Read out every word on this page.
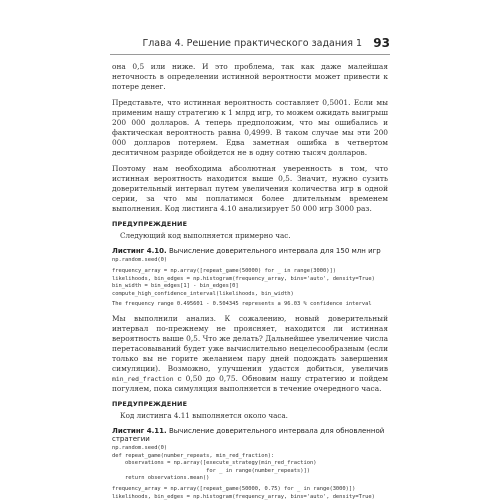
Глава 4. Решение практического задания 1 93

она 0,5 или ниже. И это проблема, так как даже малейшая неточность в определении истинной вероятности может привести к потере денег.

Представьте, что истинная вероятность составляет 0,5001. Если мы применим нашу стратегию к 1 млрд игр, то можем ожидать выигрыш 200 000 долларов. А теперь предположим, что мы ошибались и фактическая вероятность равна 0,4999. В таком случае мы эти 200 000 долларов потеряем. Едва заметная ошибка в четвертом десятичном разряде обойдется не в одну сотню тысяч долларов.

Поэтому нам необходима абсолютная уверенность в том, что истинная вероятность находится выше 0,5. Значит, нужно сузить доверительный интервал путем увеличения количества игр в одной серии, за что мы поплатимся более длительным временем выполнения. Код листинга 4.10 анализирует 50 000 игр 3000 раз.

ПРЕДУПРЕЖДЕНИЕ
Следующий код выполняется примерно час.
Листинг 4.10. Вычисление доверительного интервала для 150 млн игр
np.random.seed(0)
frequency_array = np.array([repeat_game(50000) for _ in range(3000)])
likelihoods, bin_edges = np.histogram(frequency_array, bins='auto', density=True)
bin_width = bin_edges[1] - bin_edges[0]
compute_high_confidence_interval(likelihoods, bin_width)
The frequency range 0.495601 - 0.504345 represents a 96.03 % confidence interval

Мы выполнили анализ. К сожалению, новый доверительный интервал по-прежнему не проясняет, находится ли истинная вероятность выше 0,5. Что же делать? Дальнейшее увеличение числа перетасовываний будет уже вычислительно нецелесообразным (если только вы не горите желанием пару дней подождать завершения симуляции). Возможно, улучшения удастся добиться, увеличив min_red_fraction с 0,50 до 0,75. Обновим нашу стратегию и пойдем погуляем, пока симуляция выполняется в течение очередного часа.

ПРЕДУПРЕЖДЕНИЕ
Код листинга 4.11 выполняется около часа.
Листинг 4.11. Вычисление доверительного интервала для обновленной стратегии
np.random.seed(0)
def repeat_game(number_repeats, min_red_fraction):
observations = np.array([execute_strategy(min_red_fraction)
for _ in range(number_repeats)])
return observations.mean()
frequency_array = np.array([repeat_game(50000, 0.75) for _ in range(3000)])
likelihoods, bin_edges = np.histogram(frequency_array, bins='auto', density=True)
